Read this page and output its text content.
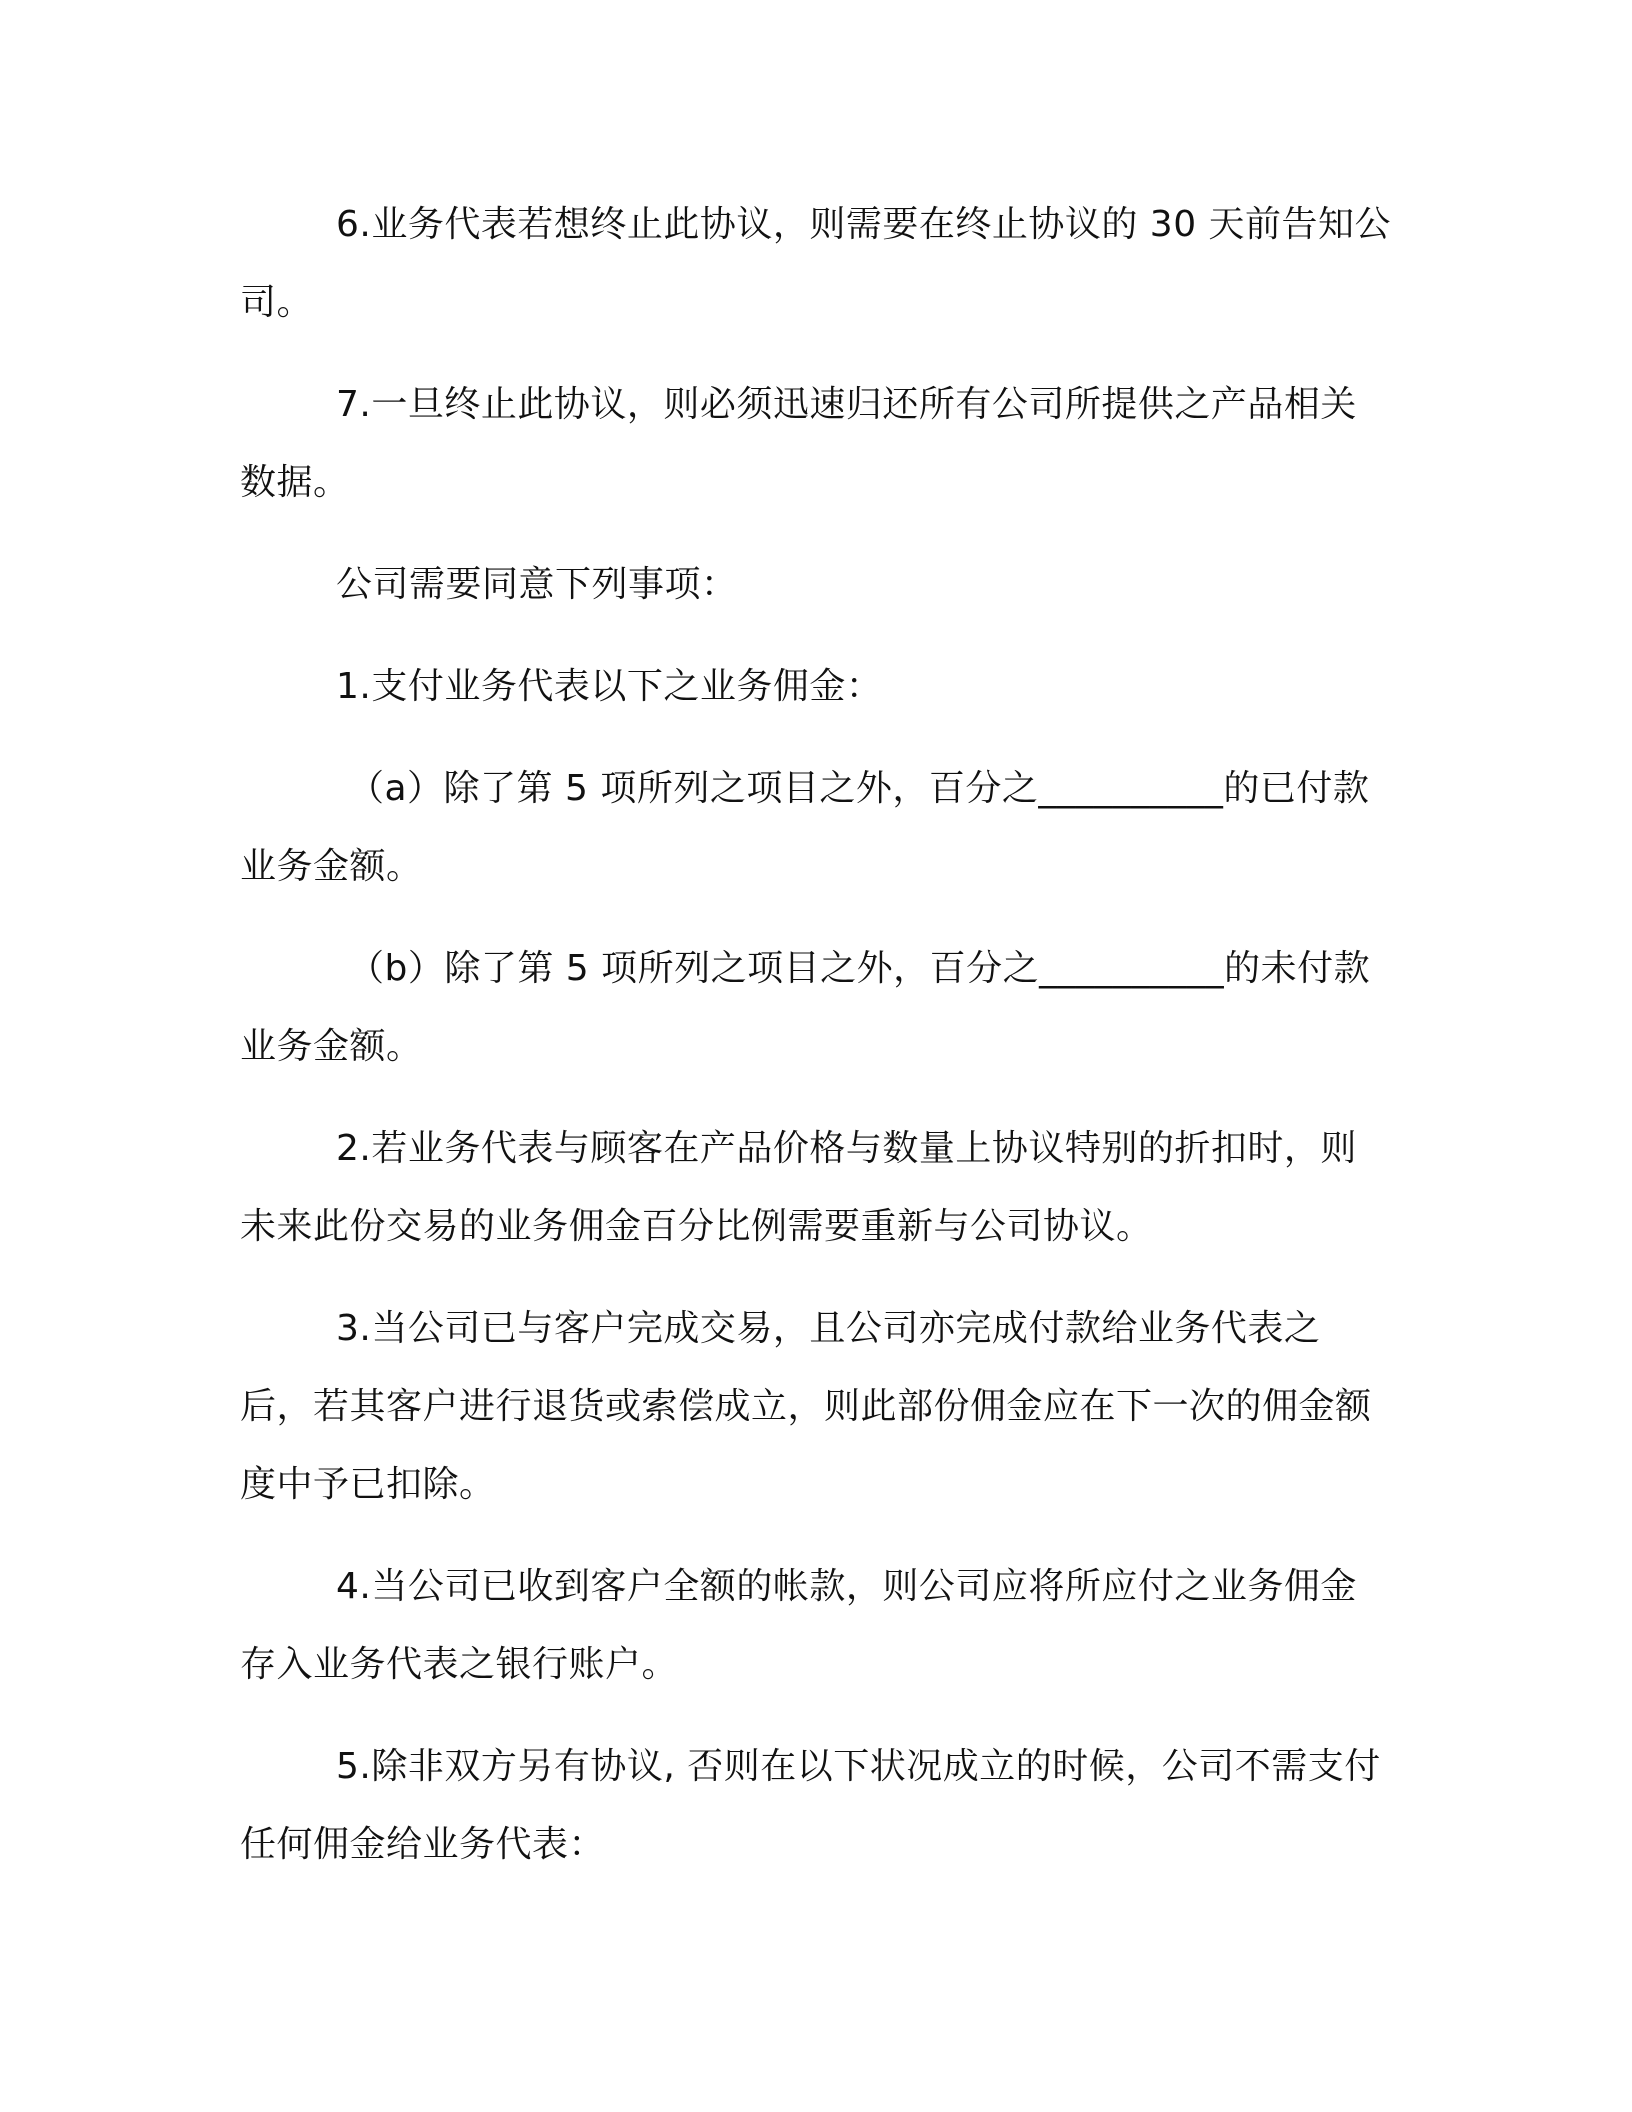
6.业务代表若想终止此协议，则需要在终止协议的 30 天前告知公司。

7.一旦终止此协议，则必须迅速归还所有公司所提供之产品相关数据。

公司需要同意下列事项：

1.支付业务代表以下之业务佣金：

（a）除了第 5 项所列之项目之外，百分之__________的已付款业务金额。

（b）除了第 5 项所列之项目之外，百分之__________的未付款业务金额。

2.若业务代表与顾客在产品价格与数量上协议特别的折扣时，则未来此份交易的业务佣金百分比例需要重新与公司协议。

3.当公司已与客户完成交易，且公司亦完成付款给业务代表之后，若其客户进行退货或索偿成立，则此部份佣金应在下一次的佣金额度中予已扣除。

4.当公司已收到客户全额的帐款，则公司应将所应付之业务佣金存入业务代表之银行账户。

5.除非双方另有协议, 否则在以下状况成立的时候，公司不需支付任何佣金给业务代表：
